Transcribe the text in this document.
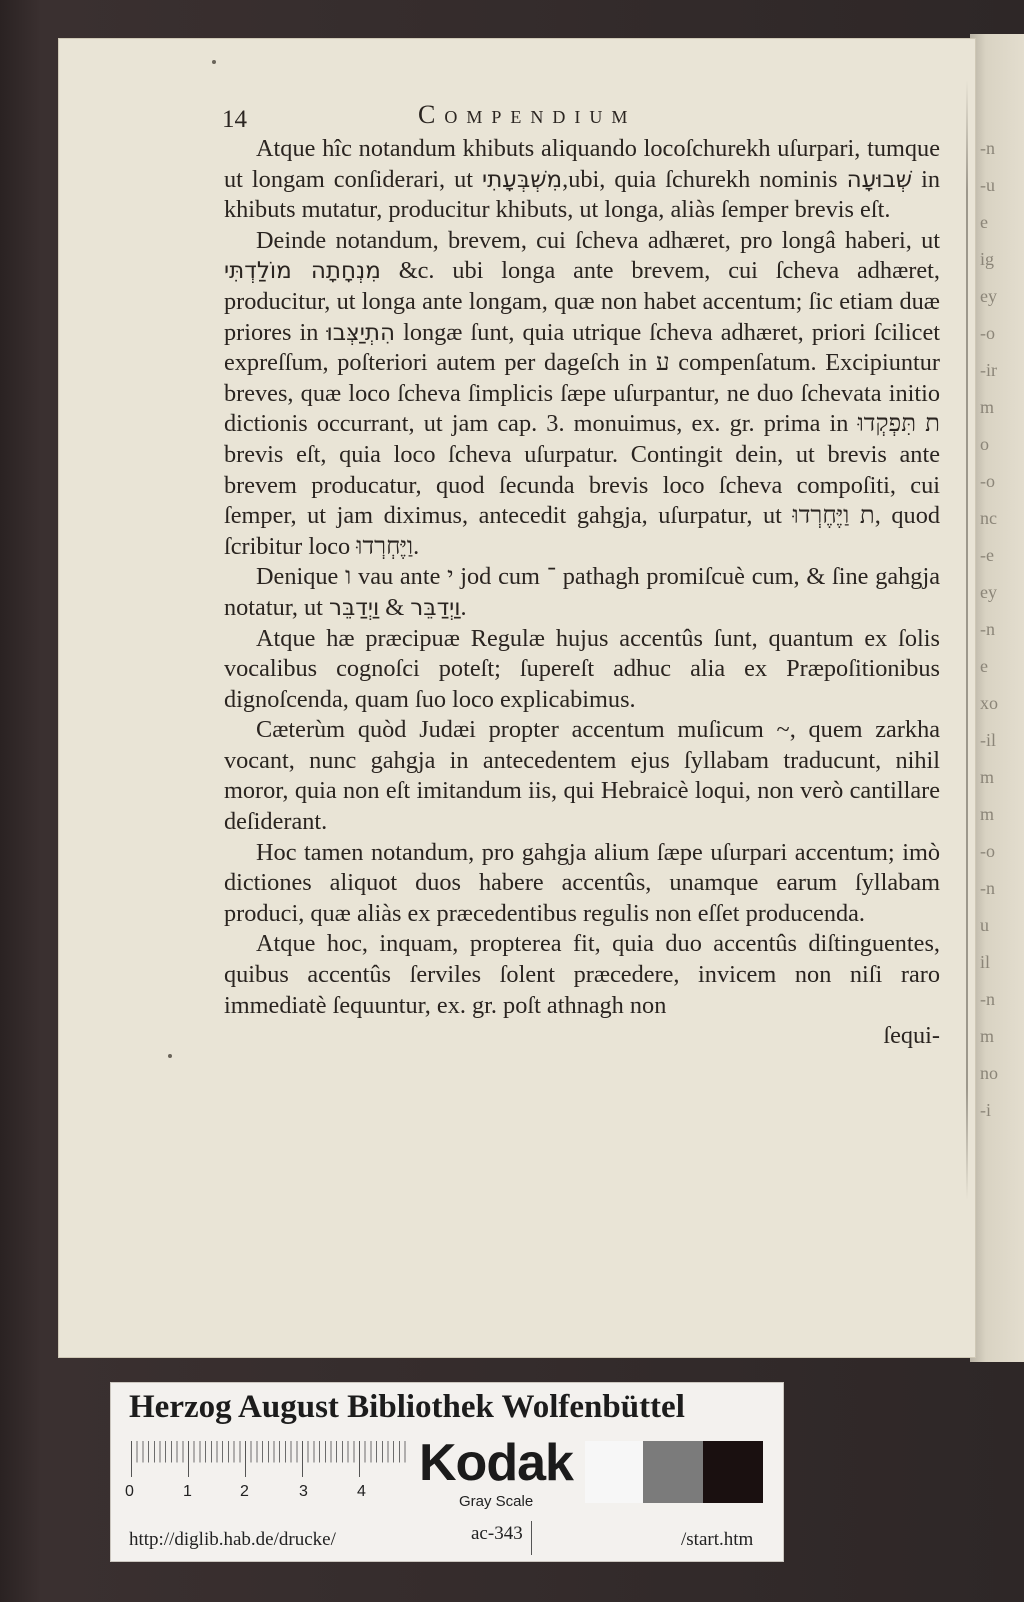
-n
-u
e
ig
ey
-o
-ir
m
o
-o
nc
-e
ey
-n
e
xo
-il
m
m
-o
-n
u
il
-n
m
no
-i
14	Compendium

Atque hîc notandum khibuts aliquando locoſchurekh uſurpari, tumque ut longam conſiderari, ut מִשְׁבְּעָתִי,ubi, quia ſchurekh nominis שְׁבוּעָה in khibuts mutatur, producitur khibuts, ut longa, aliàs ſemper brevis eſt.

Deinde notandum, brevem, cui ſcheva adhæret, pro longâ haberi, ut מִנְחָתָה מוֹלַדְתִּי &c. ubi longa ante brevem, cui ſcheva adhæret, producitur, ut longa ante longam, quæ non habet accentum; ſic etiam duæ priores in הִתְיַצְּבוּ longæ ſunt, quia utrique ſcheva adhæret, priori ſcilicet expreſſum, poſteriori autem per dageſch in ﬠ compenſatum. Excipiuntur breves, quæ loco ſcheva ſimplicis ſæpe uſurpantur, ne duo ſchevata initio dictionis occurrant, ut jam cap. 3. monuimus, ex. gr. prima in ﬨ תִּפְקְדוּ brevis eſt, quia loco ſcheva uſurpatur. Contingit dein, ut brevis ante brevem producatur, quod ſecunda brevis loco ſcheva compoſiti, cui ſemper, ut jam diximus, antecedit gahgja, uſurpatur, ut ﬨ וַיֶּחֶרְדוּ, quod ſcribitur loco וַיֶּחְרְדוּ.

Denique ו vau ante י jod cum ־ pathagh promiſcuè cum, & ſine gahgja notatur, ut וַיְדַבֵּר & וַיְדַבֵּר.

Atque hæ præcipuæ Regulæ hujus accentûs ſunt, quantum ex ſolis vocalibus cognoſci poteſt; ſupereſt adhuc alia ex Præpoſitionibus dignoſcenda, quam ſuo loco explicabimus.

Cæterùm quòd Judæi propter accentum muſicum ~, quem zarkha vocant, nunc gahgja in antecedentem ejus ſyllabam traducunt, nihil moror, quia non eſt imitandum iis, qui Hebraicè loqui, non verò cantillare deſiderant.

Hoc tamen notandum, pro gahgja alium ſæpe uſurpari accentum; imò dictiones aliquot duos habere accentûs, unamque earum ſyllabam produci, quæ aliàs ex præcedentibus regulis non eſſet producenda.

Atque hoc, inquam, propterea fit, quia duo accentûs diſtinguentes, quibus accentûs ſerviles ſolent præcedere, invicem non niſi raro immediatè ſequuntur, ex. gr. poſt athnagh non

ſequi-

Herzog August Bibliothek Wolfenbüttel
0	1	2	3	4 Kodak
Gray Scale
http://diglib.hab.de/drucke/	ac-343	/start.htm
